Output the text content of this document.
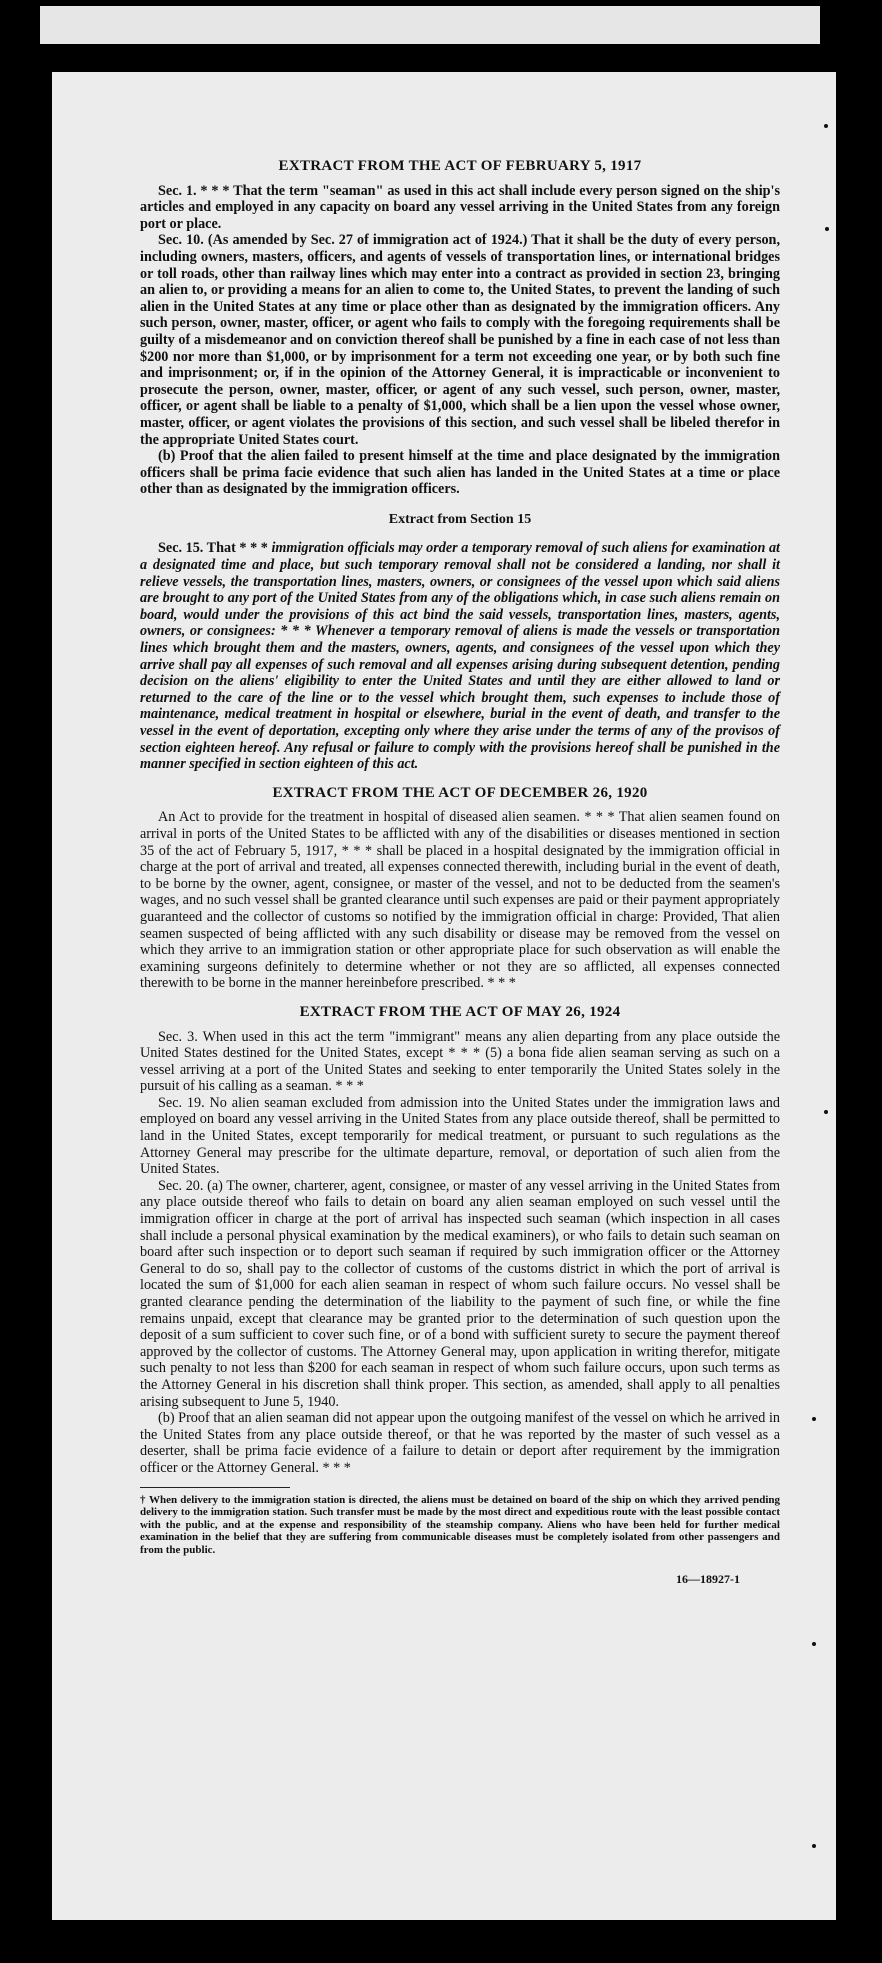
EXTRACT FROM THE ACT OF FEBRUARY 5, 1917

Sec. 1. * * * That the term "seaman" as used in this act shall include every person signed on the ship's articles and employed in any capacity on board any vessel arriving in the United States from any foreign port or place.

Sec. 10. (As amended by Sec. 27 of immigration act of 1924.) That it shall be the duty of every person, including owners, masters, officers, and agents of vessels of transportation lines, or international bridges or toll roads, other than railway lines which may enter into a contract as provided in section 23, bringing an alien to, or providing a means for an alien to come to, the United States, to prevent the landing of such alien in the United States at any time or place other than as designated by the immigration officers. Any such person, owner, master, officer, or agent who fails to comply with the foregoing requirements shall be guilty of a misdemeanor and on conviction thereof shall be punished by a fine in each case of not less than $200 nor more than $1,000, or by imprisonment for a term not exceeding one year, or by both such fine and imprisonment; or, if in the opinion of the Attorney General, it is impracticable or inconvenient to prosecute the person, owner, master, officer, or agent of any such vessel, such person, owner, master, officer, or agent shall be liable to a penalty of $1,000, which shall be a lien upon the vessel whose owner, master, officer, or agent violates the provisions of this section, and such vessel shall be libeled therefor in the appropriate United States court.

(b) Proof that the alien failed to present himself at the time and place designated by the immigration officers shall be prima facie evidence that such alien has landed in the United States at a time or place other than as designated by the immigration officers.

Extract from Section 15

Sec. 15. That * * * immigration officials may order a temporary removal of such aliens for examination at a designated time and place, but such temporary removal shall not be considered a landing, nor shall it relieve vessels, the transportation lines, masters, owners, or consignees of the vessel upon which said aliens are brought to any port of the United States from any of the obligations which, in case such aliens remain on board, would under the provisions of this act bind the said vessels, transportation lines, masters, agents, owners, or consignees: * * * Whenever a temporary removal of aliens is made the vessels or transportation lines which brought them and the masters, owners, agents, and consignees of the vessel upon which they arrive shall pay all expenses of such removal and all expenses arising during subsequent detention, pending decision on the aliens' eligibility to enter the United States and until they are either allowed to land or returned to the care of the line or to the vessel which brought them, such expenses to include those of maintenance, medical treatment in hospital or elsewhere, burial in the event of death, and transfer to the vessel in the event of deportation, excepting only where they arise under the terms of any of the provisos of section eighteen hereof. Any refusal or failure to comply with the provisions hereof shall be punished in the manner specified in section eighteen of this act.

EXTRACT FROM THE ACT OF DECEMBER 26, 1920

An Act to provide for the treatment in hospital of diseased alien seamen. * * * That alien seamen found on arrival in ports of the United States to be afflicted with any of the disabilities or diseases mentioned in section 35 of the act of February 5, 1917, * * * shall be placed in a hospital designated by the immigration official in charge at the port of arrival and treated, all expenses connected therewith, including burial in the event of death, to be borne by the owner, agent, consignee, or master of the vessel, and not to be deducted from the seamen's wages, and no such vessel shall be granted clearance until such expenses are paid or their payment appropriately guaranteed and the collector of customs so notified by the immigration official in charge: Provided, That alien seamen suspected of being afflicted with any such disability or disease may be removed from the vessel on which they arrive to an immigration station or other appropriate place for such observation as will enable the examining surgeons definitely to determine whether or not they are so afflicted, all expenses connected therewith to be borne in the manner hereinbefore prescribed. * * *

EXTRACT FROM THE ACT OF MAY 26, 1924

Sec. 3. When used in this act the term "immigrant" means any alien departing from any place outside the United States destined for the United States, except * * * (5) a bona fide alien seaman serving as such on a vessel arriving at a port of the United States and seeking to enter temporarily the United States solely in the pursuit of his calling as a seaman. * * *

Sec. 19. No alien seaman excluded from admission into the United States under the immigration laws and employed on board any vessel arriving in the United States from any place outside thereof, shall be permitted to land in the United States, except temporarily for medical treatment, or pursuant to such regulations as the Attorney General may prescribe for the ultimate departure, removal, or deportation of such alien from the United States.

Sec. 20. (a) The owner, charterer, agent, consignee, or master of any vessel arriving in the United States from any place outside thereof who fails to detain on board any alien seaman employed on such vessel until the immigration officer in charge at the port of arrival has inspected such seaman (which inspection in all cases shall include a personal physical examination by the medical examiners), or who fails to detain such seaman on board after such inspection or to deport such seaman if required by such immigration officer or the Attorney General to do so, shall pay to the collector of customs of the customs district in which the port of arrival is located the sum of $1,000 for each alien seaman in respect of whom such failure occurs. No vessel shall be granted clearance pending the determination of the liability to the payment of such fine, or while the fine remains unpaid, except that clearance may be granted prior to the determination of such question upon the deposit of a sum sufficient to cover such fine, or of a bond with sufficient surety to secure the payment thereof approved by the collector of customs. The Attorney General may, upon application in writing therefor, mitigate such penalty to not less than $200 for each seaman in respect of whom such failure occurs, upon such terms as the Attorney General in his discretion shall think proper. This section, as amended, shall apply to all penalties arising subsequent to June 5, 1940.

(b) Proof that an alien seaman did not appear upon the outgoing manifest of the vessel on which he arrived in the United States from any place outside thereof, or that he was reported by the master of such vessel as a deserter, shall be prima facie evidence of a failure to detain or deport after requirement by the immigration officer or the Attorney General. * * *

† When delivery to the immigration station is directed, the aliens must be detained on board of the ship on which they arrived pending delivery to the immigration station. Such transfer must be made by the most direct and expeditious route with the least possible contact with the public, and at the expense and responsibility of the steamship company. Aliens who have been held for further medical examination in the belief that they are suffering from communicable diseases must be completely isolated from other passengers and from the public.

16—18927-1
